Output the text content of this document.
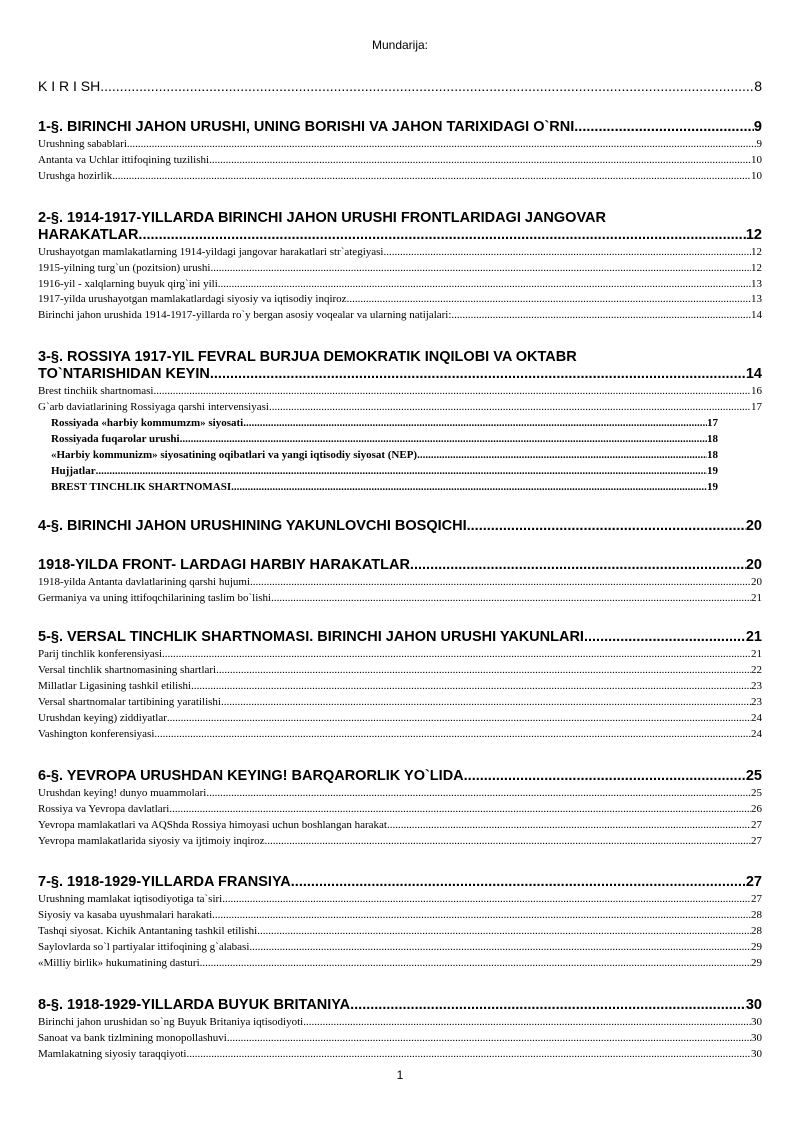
Mundarija:
K I R I SH .....	8
1-§. BIRINCHI JAHON URUSHI, UNING BORISHI VA JAHON TARIXIDAGI O`RNI .....	9
Urushning sabablari .....	9
Antanta va Uchlar ittifoqining tuzilishi .....	10
Urushga hozirlik .....	10
2-§. 1914-1917-YILLARDA BIRINCHI JAHON URUSHI FRONTLARIDAGI JANGOVAR
HARAKATLAR .....	12
Urushayotgan mamlakatlarning 1914-yildagi jangovar harakatlari str`ategiyasi .....	12
1915-yilning turg`un (pozitsion) urushi .....	12
1916-yil - xalqlarning buyuk qirg`ini yili .....	13
1917-yilda urushayotgan mamlakatlardagi siyosiy va iqtisodiy inqiroz .....	13
Birinchi jahon urushida 1914-1917-yillarda ro`y bergan asosiy voqealar va ularning natijalari: .....	14
3-§. ROSSIYA 1917-YIL FEVRAL BURJUA DEMOKRATIK INQILOBI VA OKTABR
TO`NTARISHIDAN KEYIN .....	14
Brest tinchiik shartnomasi .....	16
G`arb daviatlarining Rossiyaga qarshi intervensiyasi .....	17
Rossiyada «harbiy kommumzm» siyosati .....	17
Rossiyada fuqarolar urushi .....	18
«Harbiy kommunizm» siyosatining oqibatlari va yangi iqtisodiy siyosat (NEP) .....	18
Hujjatlar .....	19
BREST TINCHLIK SHARTNOMASI .....	19
4-§. BIRINCHI JAHON URUSHINING YAKUNLOVCHI BOSQICHI .....	20
1918-YILDA FRONT- LARDAGI HARBIY HARAKATLAR .....	20
1918-yilda Antanta davlatlarining qarshi hujumi .....	20
Germaniya va uning ittifoqchilarining taslim bo`lishi .....	21
5-§. VERSAL TINCHLIK SHARTNOMASI. BIRINCHI JAHON URUSHI YAKUNLARI .....	21
Parij tinchlik konferensiyasi .....	21
Versal tinchlik shartnomasining shartlari .....	22
Millatlar Ligasining tashkil etilishi .....	23
Versal shartnomalar tartibining yaratilishi .....	23
Urushdan keying) ziddiyatlar .....	24
Vashington konferensiyasi .....	24
6-§. YEVROPA URUSHDAN KEYING! BARQARORLIK YO`LIDA .....	25
Urushdan keying! dunyo muammolari .....	25
Rossiya va Yevropa davlatlari .....	26
Yevropa mamlakatlari va AQShda Rossiya himoyasi uchun boshlangan harakat .....	27
Yevropa mamlakatlarida siyosiy va ijtimoiy inqiroz .....	27
7-§. 1918-1929-YILLARDA FRANSIYA .....	27
Urushning mamlakat iqtisodiyotiga ta`siri .....	27
Siyosiy va kasaba uyushmalari harakati .....	28
Tashqi siyosat. Kichik Antantaning tashkil etilishi .....	28
Saylovlarda so`l partiyalar ittifoqining g`alabasi .....	29
«Milliy birlik» hukumatining dasturi .....	29
8-§. 1918-1929-YILLARDA BUYUK BRITANIYA .....	30
Birinchi jahon urushidan so`ng Buyuk Britaniya iqtisodiyoti .....	30
Sanoat va bank tizlmining monopollashuvi .....	30
Mamlakatning siyosiy taraqqiyoti .....	30
1
